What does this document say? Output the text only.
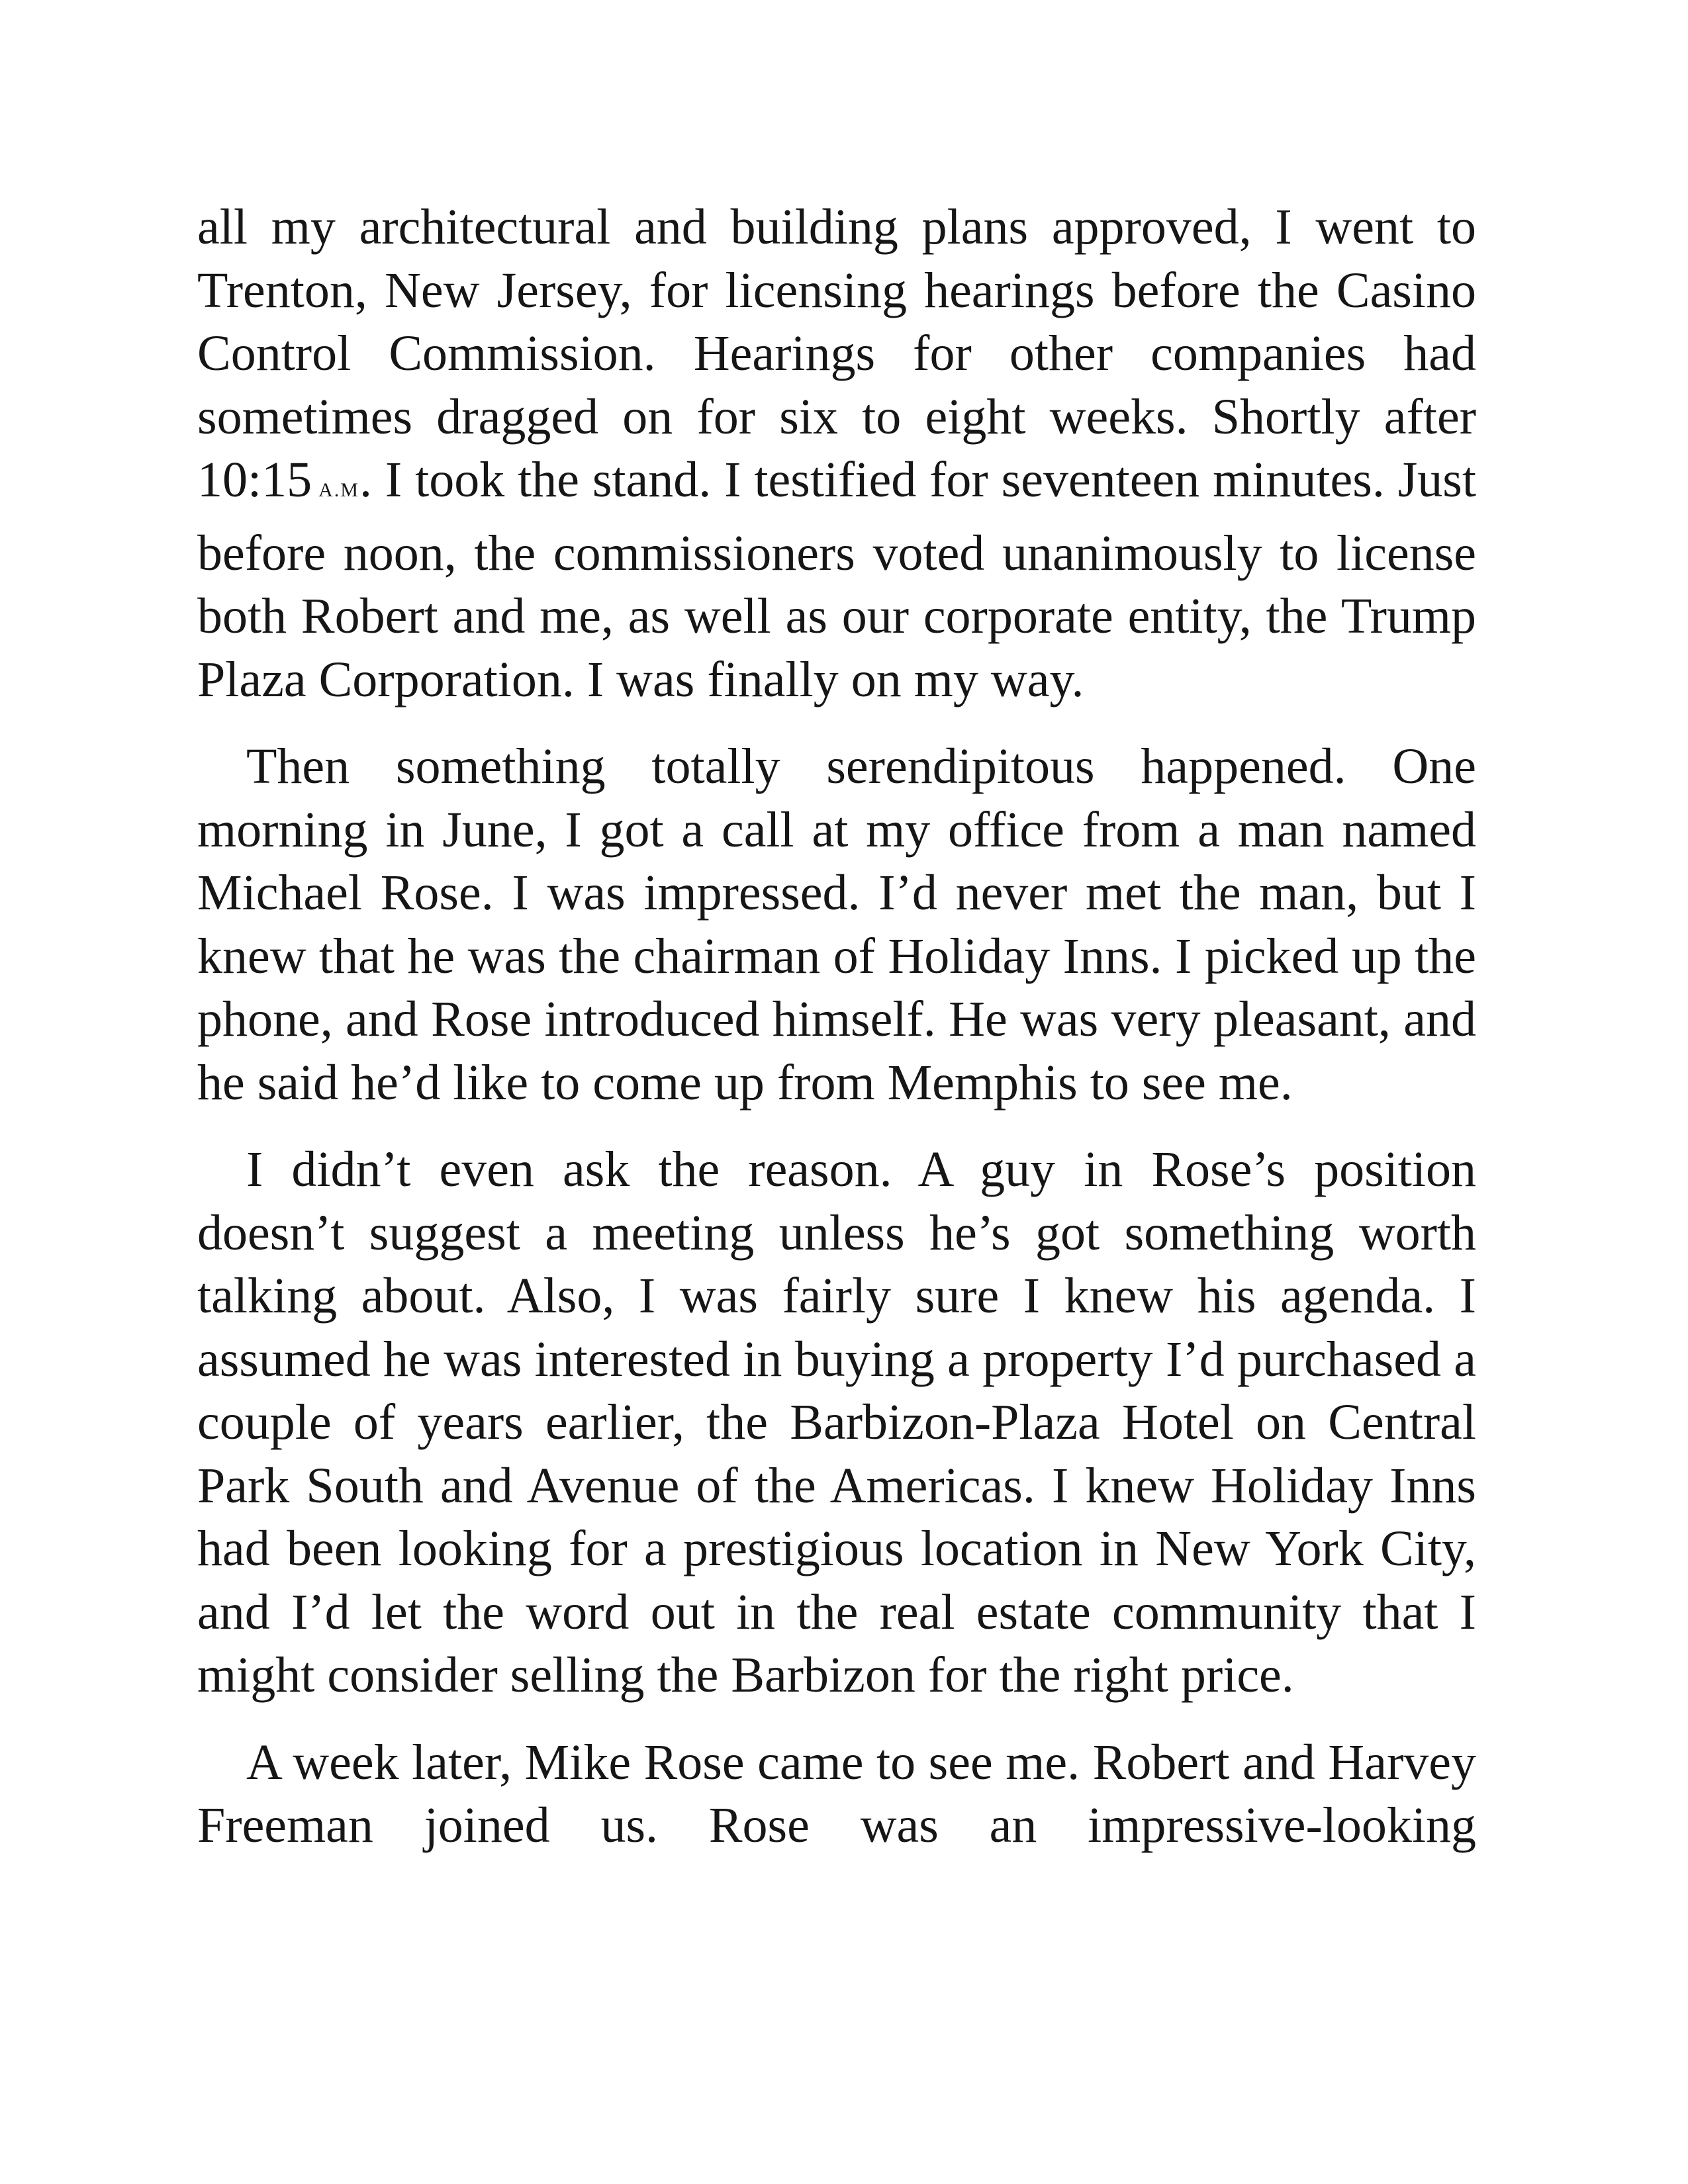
all my architectural and building plans approved, I went to Trenton, New Jersey, for licensing hearings before the Casino Control Commission. Hearings for other companies had sometimes dragged on for six to eight weeks. Shortly after 10:15 A.M. I took the stand. I testified for seventeen minutes. Just before noon, the commissioners voted unanimously to license both Robert and me, as well as our corporate entity, the Trump Plaza Corporation. I was finally on my way.

Then something totally serendipitous happened. One morning in June, I got a call at my office from a man named Michael Rose. I was impressed. I’d never met the man, but I knew that he was the chairman of Holiday Inns. I picked up the phone, and Rose introduced himself. He was very pleasant, and he said he’d like to come up from Memphis to see me.

I didn’t even ask the reason. A guy in Rose’s position doesn’t suggest a meeting unless he’s got something worth talking about. Also, I was fairly sure I knew his agenda. I assumed he was interested in buying a property I’d purchased a couple of years earlier, the Barbizon-Plaza Hotel on Central Park South and Avenue of the Americas. I knew Holiday Inns had been looking for a prestigious location in New York City, and I’d let the word out in the real estate community that I might consider selling the Barbizon for the right price.

A week later, Mike Rose came to see me. Robert and Harvey Freeman joined us. Rose was an impressive-looking
